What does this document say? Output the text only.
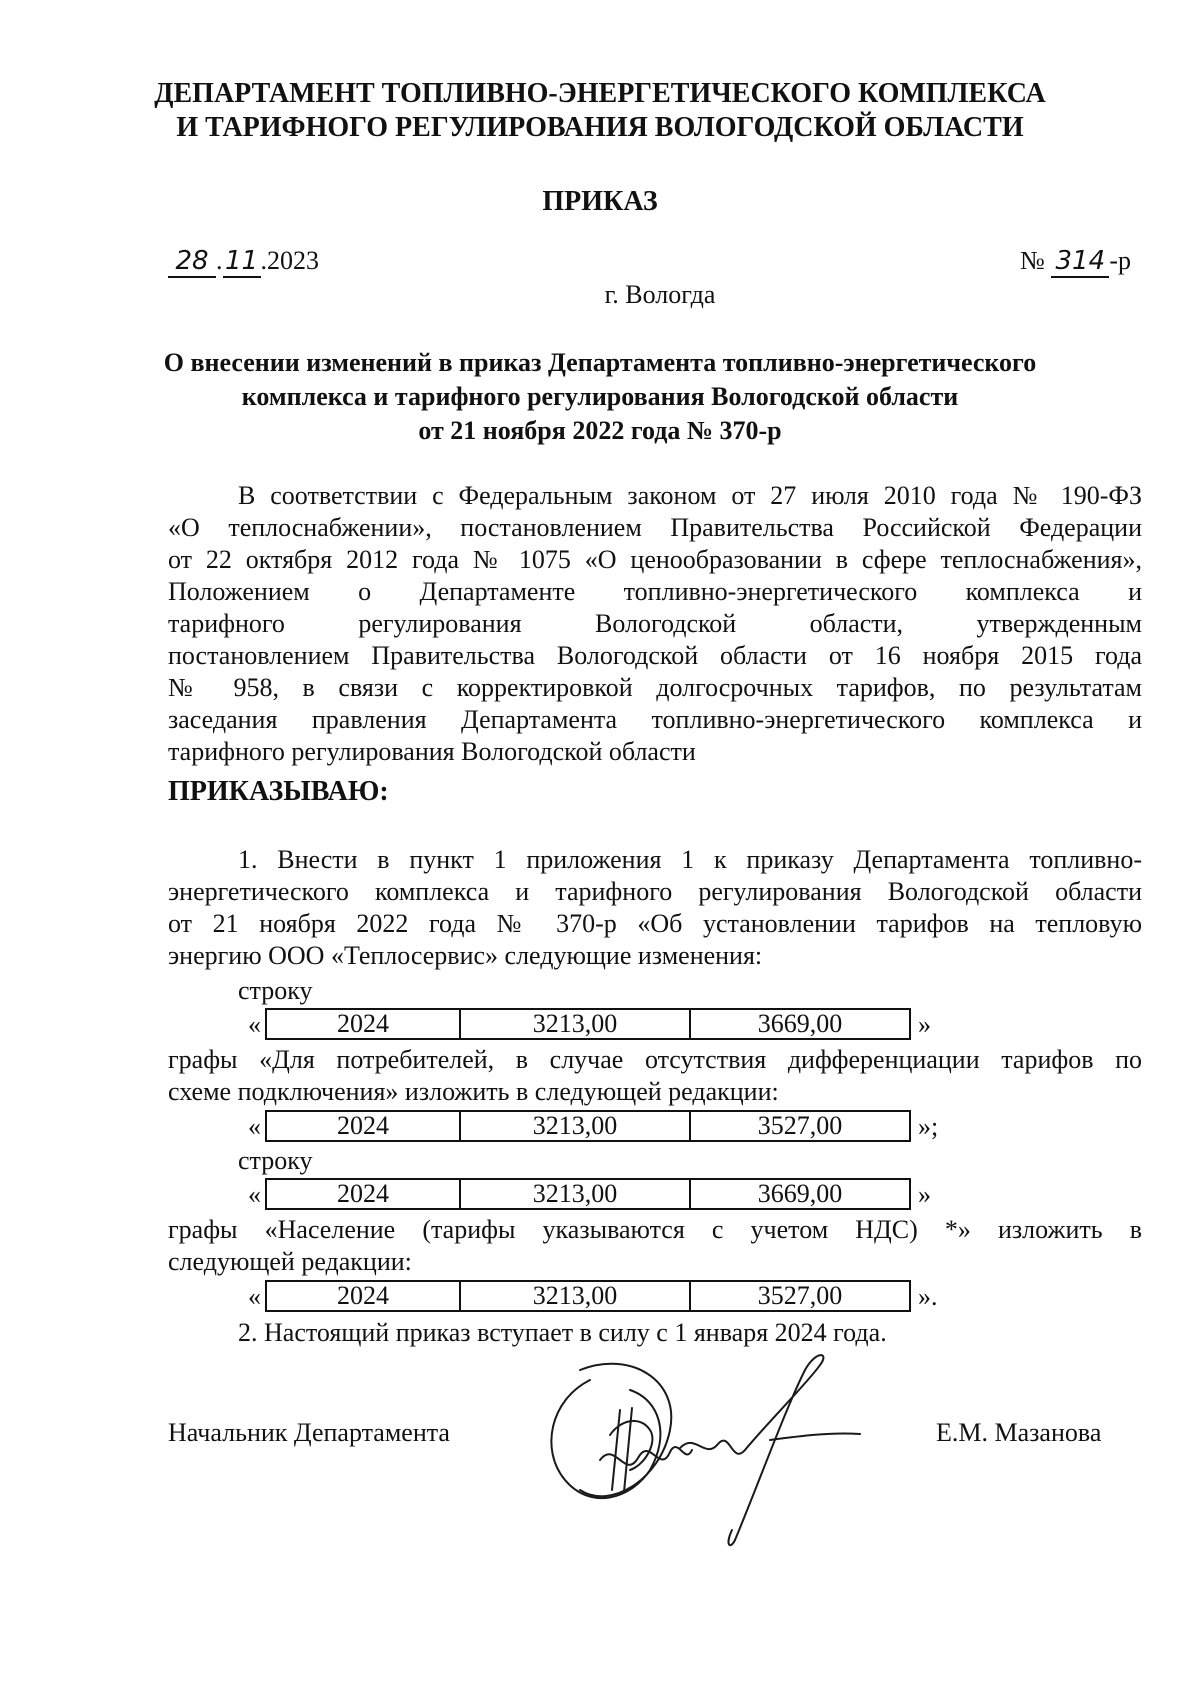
ДЕПАРТАМЕНТ ТОПЛИВНО-ЭНЕРГЕТИЧЕСКОГО КОМПЛЕКСА
И ТАРИФНОГО РЕГУЛИРОВАНИЯ ВОЛОГОДСКОЙ ОБЛАСТИ
ПРИКАЗ
28 .11.2023	№ 314 -р
г. Вологда
О внесении изменений в приказ Департамента топливно-энергетического
комплекса и тарифного регулирования Вологодской области
от 21 ноября 2022 года № 370-р
В соответствии с Федеральным законом от 27 июля 2010 года № 190-ФЗ
«О теплоснабжении», постановлением Правительства Российской Федерации
от 22 октября 2012 года № 1075 «О ценообразовании в сфере теплоснабжения»,
Положением о Департаменте топливно-энергетического комплекса и
тарифного регулирования Вологодской области, утвержденным
постановлением Правительства Вологодской области от 16 ноября 2015 года
№ 958, в связи с корректировкой долгосрочных тарифов, по результатам
заседания правления Департамента топливно-энергетического комплекса и
тарифного регулирования Вологодской области
ПРИКАЗЫВАЮ:
1. Внести в пункт 1 приложения 1 к приказу Департамента топливно-
энергетического комплекса и тарифного регулирования Вологодской области
от 21 ноября 2022 года № 370-р «Об установлении тарифов на тепловую
энергию ООО «Теплосервис» следующие изменения:
строку
«	2024	3213,00	3669,00	»
графы «Для потребителей, в случае отсутствия дифференциации тарифов по
схеме подключения» изложить в следующей редакции:
«	2024	3213,00	3527,00	»;
строку
«	2024	3213,00	3669,00	»
графы «Население (тарифы указываются с учетом НДС) *» изложить в
следующей редакции:
«	2024	3213,00	3527,00	».
2. Настоящий приказ вступает в силу с 1 января 2024 года.
Начальник Департамента	Е.М. Мазанова
